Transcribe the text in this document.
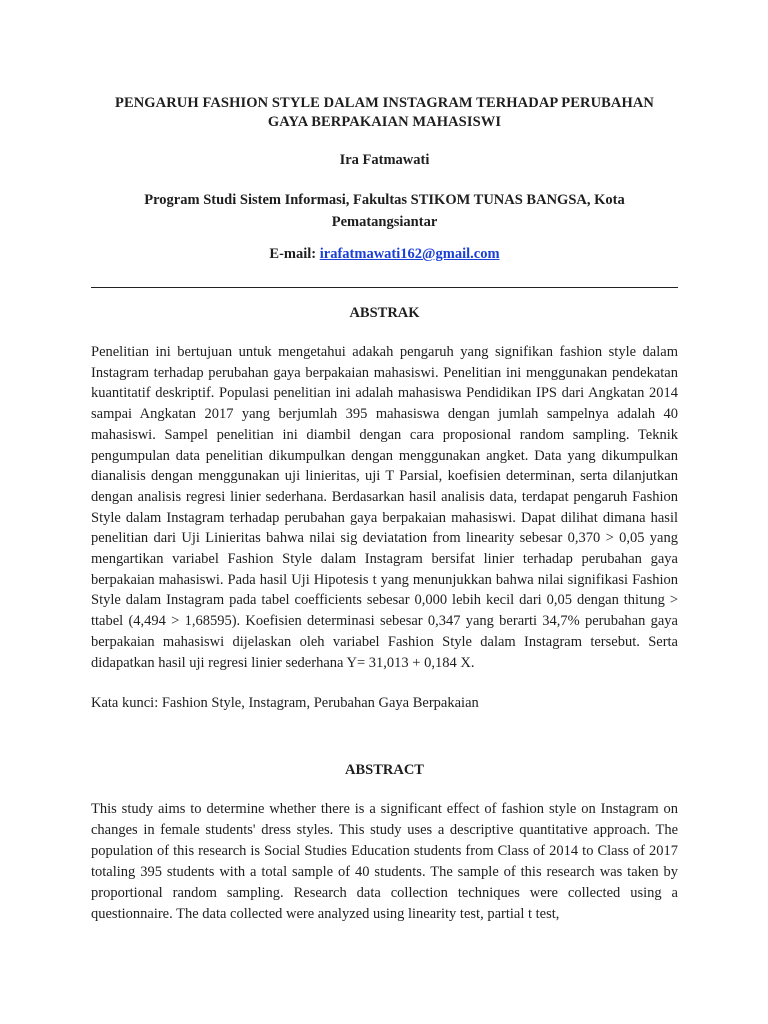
PENGARUH FASHION STYLE DALAM INSTAGRAM TERHADAP PERUBAHAN
GAYA BERPAKAIAN MAHASISWI
Ira Fatmawati
Program Studi Sistem Informasi, Fakultas STIKOM TUNAS BANGSA, Kota
Pematangsiantar
E-mail: irafatmawati162@gmail.com
ABSTRAK

Penelitian ini bertujuan untuk mengetahui adakah pengaruh yang signifikan fashion style dalam Instagram terhadap perubahan gaya berpakaian mahasiswi. Penelitian ini menggunakan pendekatan kuantitatif deskriptif. Populasi penelitian ini adalah mahasiswa Pendidikan IPS dari Angkatan 2014 sampai Angkatan 2017 yang berjumlah 395 mahasiswa dengan jumlah sampelnya adalah 40 mahasiswi. Sampel penelitian ini diambil dengan cara proposional random sampling. Teknik pengumpulan data penelitian dikumpulkan dengan menggunakan angket. Data yang dikumpulkan dianalisis dengan menggunakan uji linieritas, uji T Parsial, koefisien determinan, serta dilanjutkan dengan analisis regresi linier sederhana. Berdasarkan hasil analisis data, terdapat pengaruh Fashion Style dalam Instagram terhadap perubahan gaya berpakaian mahasiswi. Dapat dilihat dimana hasil penelitian dari Uji Linieritas bahwa nilai sig deviatation from linearity sebesar 0,370 > 0,05 yang mengartikan variabel Fashion Style dalam Instagram bersifat linier terhadap perubahan gaya berpakaian mahasiswi. Pada hasil Uji Hipotesis t yang menunjukkan bahwa nilai signifikasi Fashion Style dalam Instagram pada tabel coefficients sebesar 0,000 lebih kecil dari 0,05 dengan thitung > ttabel (4,494 > 1,68595). Koefisien determinasi sebesar 0,347 yang berarti 34,7% perubahan gaya berpakaian mahasiswi dijelaskan oleh variabel Fashion Style dalam Instagram tersebut. Serta didapatkan hasil uji regresi linier sederhana Y= 31,013 + 0,184 X.

Kata kunci: Fashion Style, Instagram, Perubahan Gaya Berpakaian
ABSTRACT

This study aims to determine whether there is a significant effect of fashion style on Instagram on changes in female students' dress styles. This study uses a descriptive quantitative approach. The population of this research is Social Studies Education students from Class of 2014 to Class of 2017 totaling 395 students with a total sample of 40 students. The sample of this research was taken by proportional random sampling. Research data collection techniques were collected using a questionnaire. The data collected were analyzed using linearity test, partial t test,
